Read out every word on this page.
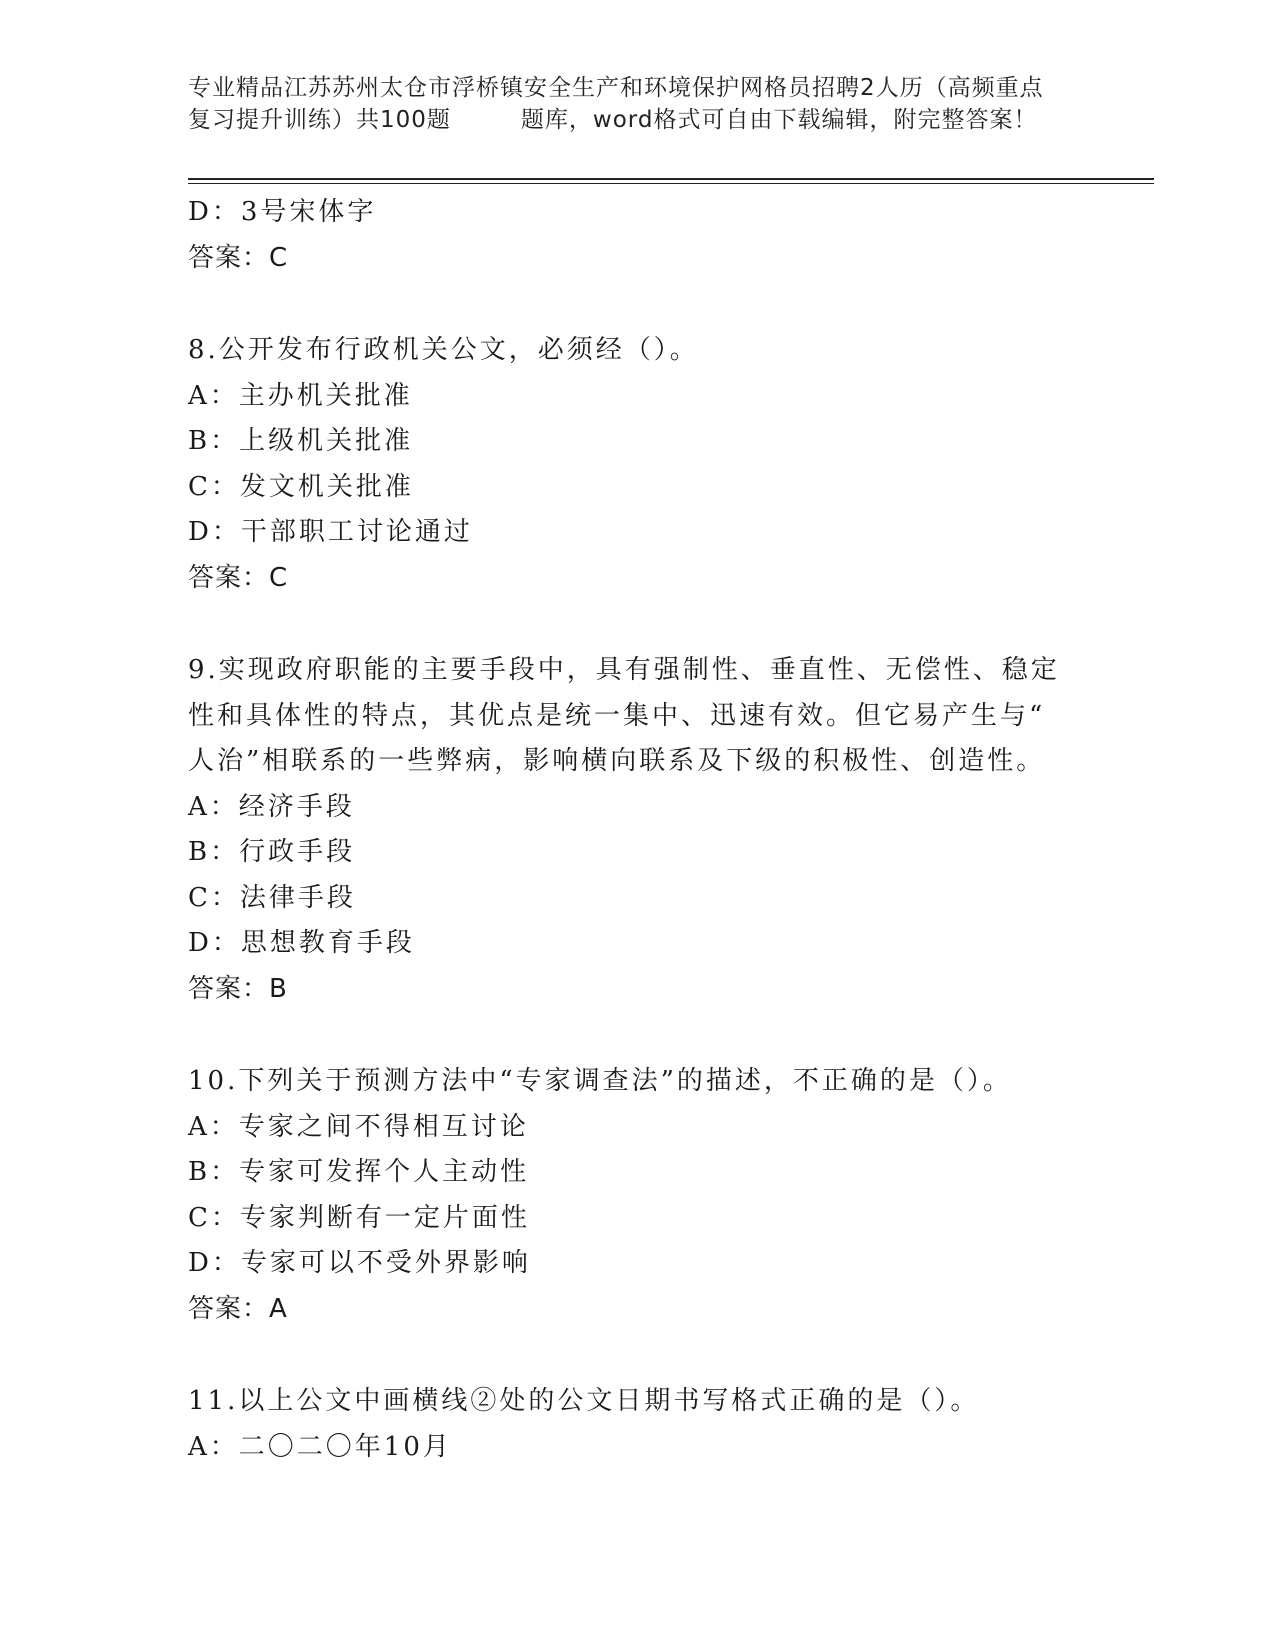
专业精品江苏苏州太仓市浮桥镇安全生产和环境保护网格员招聘2人历（高频重点
复习提升训练）共100题	题库，word格式可自由下载编辑，附完整答案！
D：3号宋体字
答案：C
8.公开发布行政机关公文，必须经（）。
A：主办机关批准
B：上级机关批准
C：发文机关批准
D：干部职工讨论通过
答案：C
9.实现政府职能的主要手段中，具有强制性、垂直性、无偿性、稳定
性和具体性的特点，其优点是统一集中、迅速有效。但它易产生与“
人治”相联系的一些弊病，影响横向联系及下级的积极性、创造性。
A：经济手段
B：行政手段
C：法律手段
D：思想教育手段
答案：B
10.下列关于预测方法中“专家调查法”的描述，不正确的是（）。
A：专家之间不得相互讨论
B：专家可发挥个人主动性
C：专家判断有一定片面性
D：专家可以不受外界影响
答案：A
11.以上公文中画横线②处的公文日期书写格式正确的是（）。
A：二〇二〇年10月
